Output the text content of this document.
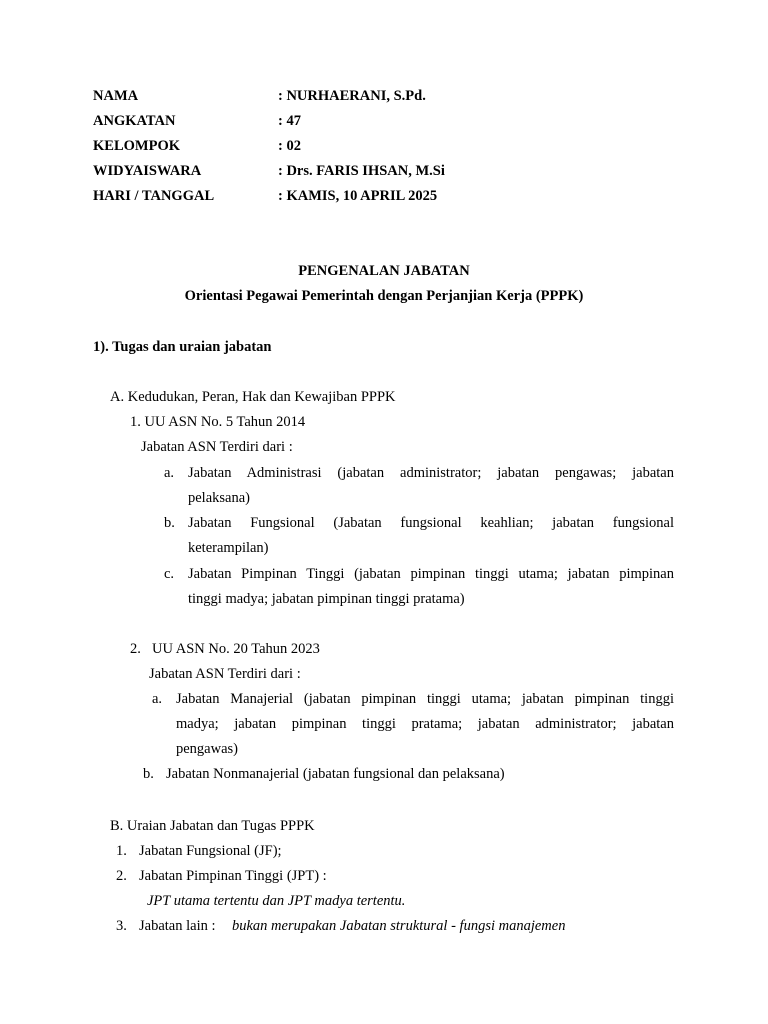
NAMA	: NURHAERANI, S.Pd.
ANGKATAN	: 47
KELOMPOK	: 02
WIDYAISWARA	: Drs. FARIS IHSAN, M.Si
HARI / TANGGAL	: KAMIS, 10 APRIL 2025
PENGENALAN JABATAN
Orientasi Pegawai Pemerintah dengan Perjanjian Kerja (PPPK)
1). Tugas dan uraian jabatan
A. Kedudukan, Peran, Hak dan Kewajiban PPPK
1. UU ASN No. 5 Tahun 2014
Jabatan ASN Terdiri dari :
a. Jabatan Administrasi (jabatan administrator; jabatan pengawas; jabatan
pelaksana)
b. Jabatan Fungsional (Jabatan fungsional keahlian; jabatan fungsional
keterampilan)
c. Jabatan Pimpinan Tinggi (jabatan pimpinan tinggi utama; jabatan pimpinan
tinggi madya; jabatan pimpinan tinggi pratama)
2. UU ASN No. 20 Tahun 2023
Jabatan ASN Terdiri dari :
a. Jabatan Manajerial (jabatan pimpinan tinggi utama; jabatan pimpinan tinggi
madya; jabatan pimpinan tinggi pratama; jabatan administrator; jabatan
pengawas)
b. Jabatan Nonmanajerial (jabatan fungsional dan pelaksana)
B. Uraian Jabatan dan Tugas PPPK
1. Jabatan Fungsional (JF);
2. Jabatan Pimpinan Tinggi (JPT) :
JPT utama tertentu dan JPT madya tertentu.
3. Jabatan lain : bukan merupakan Jabatan struktural - fungsi manajemen
